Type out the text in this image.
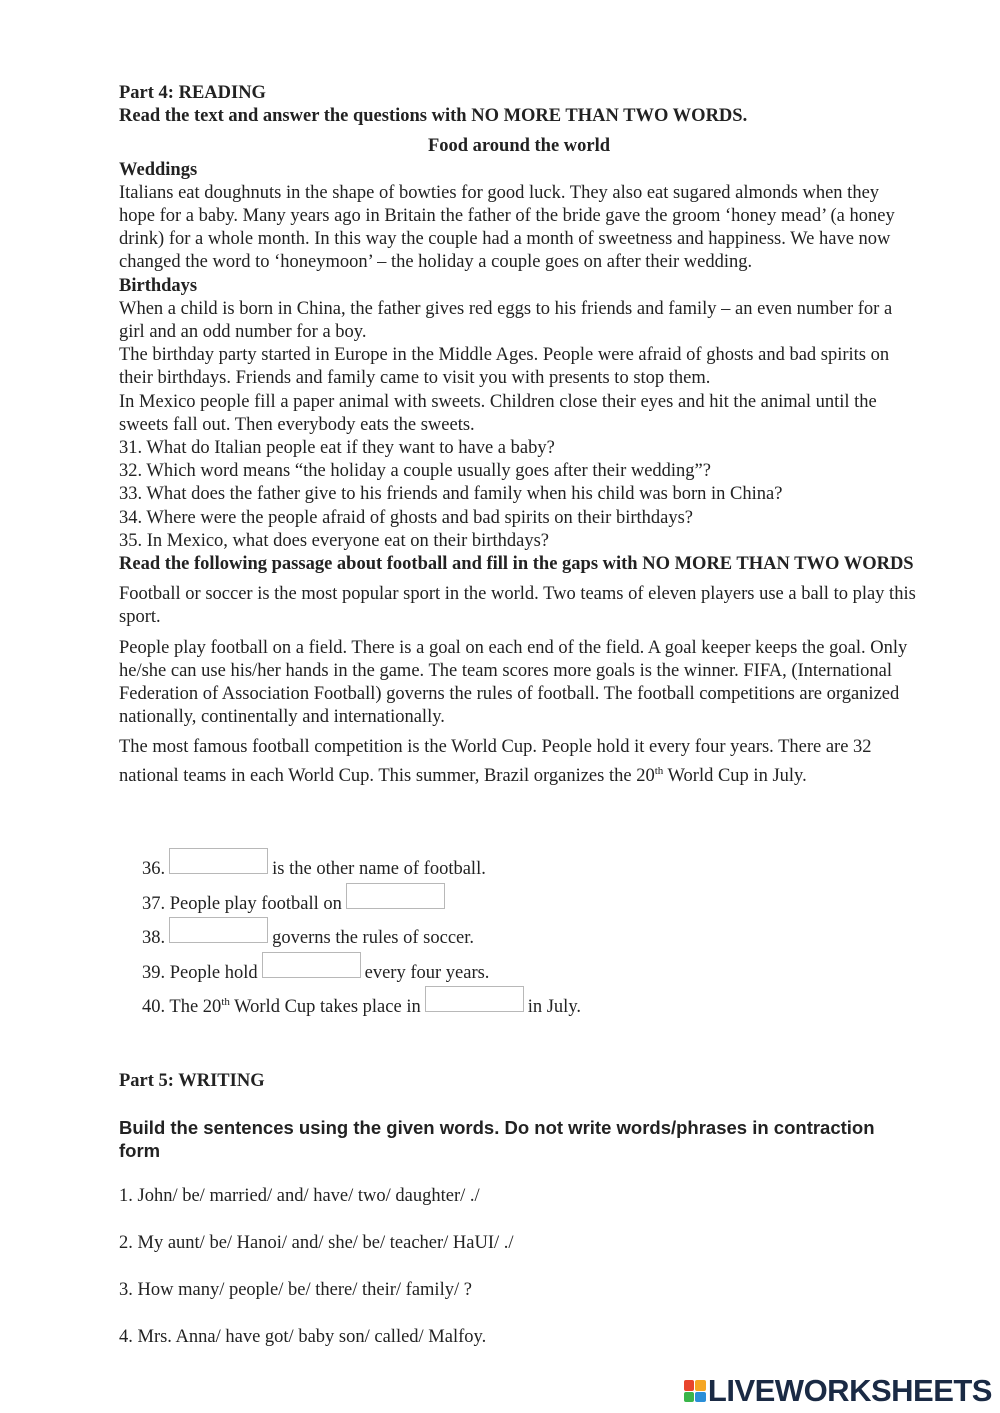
Part 4: READING

Read the text and answer the questions with NO MORE THAN TWO WORDS.

Food around the world

Weddings

Italians eat doughnuts in the shape of bowties for good luck. They also eat sugared almonds when they hope for a baby. Many years ago in Britain the father of the bride gave the groom ‘honey mead’ (a honey drink) for a whole month. In this way the couple had a month of sweetness and happiness. We have now changed the word to ‘honeymoon’ – the holiday a couple goes on after their wedding.

Birthdays

When a child is born in China, the father gives red eggs to his friends and family – an even number for a girl and an odd number for a boy.

The birthday party started in Europe in the Middle Ages. People were afraid of ghosts and bad spirits on their birthdays. Friends and family came to visit you with presents to stop them.

In Mexico people fill a paper animal with sweets. Children close their eyes and hit the animal until the sweets fall out. Then everybody eats the sweets.

31. What do Italian people eat if they want to have a baby?

32. Which word means “the holiday a couple usually goes after their wedding”?

33. What does the father give to his friends and family when his child was born in China?

34. Where were the people afraid of ghosts and bad spirits on their birthdays?

35. In Mexico, what does everyone eat on their birthdays?

Read the following passage about football and fill in the gaps with NO MORE THAN TWO WORDS

Football or soccer is the most popular sport in the world. Two teams of eleven players use a ball to play this sport.

People play football on a field. There is a goal on each end of the field. A goal keeper keeps the goal. Only he/she can use his/her hands in the game. The team scores more goals is the winner. FIFA, (International Federation of Association Football) governs the rules of football. The football competitions are organized nationally, continentally and internationally.

The most famous football competition is the World Cup. People hold it every four years. There are 32 national teams in each World Cup. This summer, Brazil organizes the 20th World Cup in July.

36.	is the other name of football.
37. People play football on
38.	governs the rules of soccer.
39. People hold	every four years.
40. The 20th World Cup takes place in	in July.

Part 5: WRITING

Build the sentences using the given words. Do not write words/phrases in contraction form

1. John/ be/ married/ and/ have/ two/ daughter/ ./

2. My aunt/ be/ Hanoi/ and/ she/ be/ teacher/ HaUI/ ./

3. How many/ people/ be/ there/ their/ family/ ?

4. Mrs. Anna/ have got/ baby son/ called/ Malfoy.

LIVEWORKSHEETS
